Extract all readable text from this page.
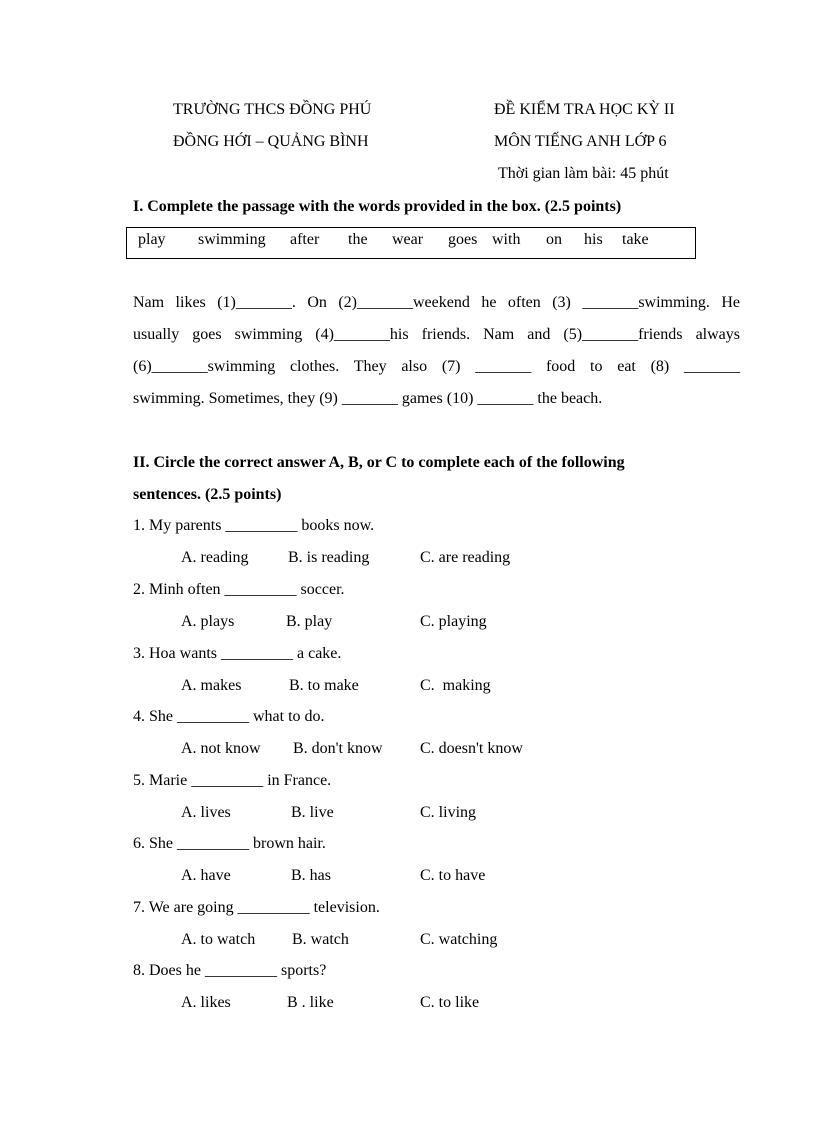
TRƯỜNG THCS ĐỒNG PHÚ
ĐỒNG HỚI – QUẢNG BÌNH
ĐỀ KIỂM TRA HỌC KỲ II
MÔN TIẾNG ANH LỚP 6
Thời gian làm bài: 45 phút
I. Complete the passage with the words provided in the box. (2.5 points)
play swimming after the wear goes with on his take
Nam likes (1)_______. On (2)_______weekend he often (3) _______swimming. He
usually goes swimming (4)_______his friends. Nam and (5)_______friends always
(6)_______swimming clothes. They also (7) _______ food to eat (8) _______
swimming. Sometimes, they (9) _______ games (10) _______ the beach.
II. Circle the correct answer A, B, or C to complete each of the following
sentences. (2.5 points)
1. My parents _________ books now.
A. reading B. is reading	C. are reading
2. Minh often _________ soccer.
A. plays	B. play	C. playing
3. Hoa wants _________ a cake.
A. makes	B. to make	C.  making
4. She _________ what to do.
A. not know B. don't know C. doesn't know
5. Marie _________ in France.
A. lives	B. live	C. living
6. She _________ brown hair.
A. have	B. has	C. to have
7. We are going _________ television.
A. to watch B. watch	C. watching
8. Does he _________ sports?
A. likes	B . like	C. to like
